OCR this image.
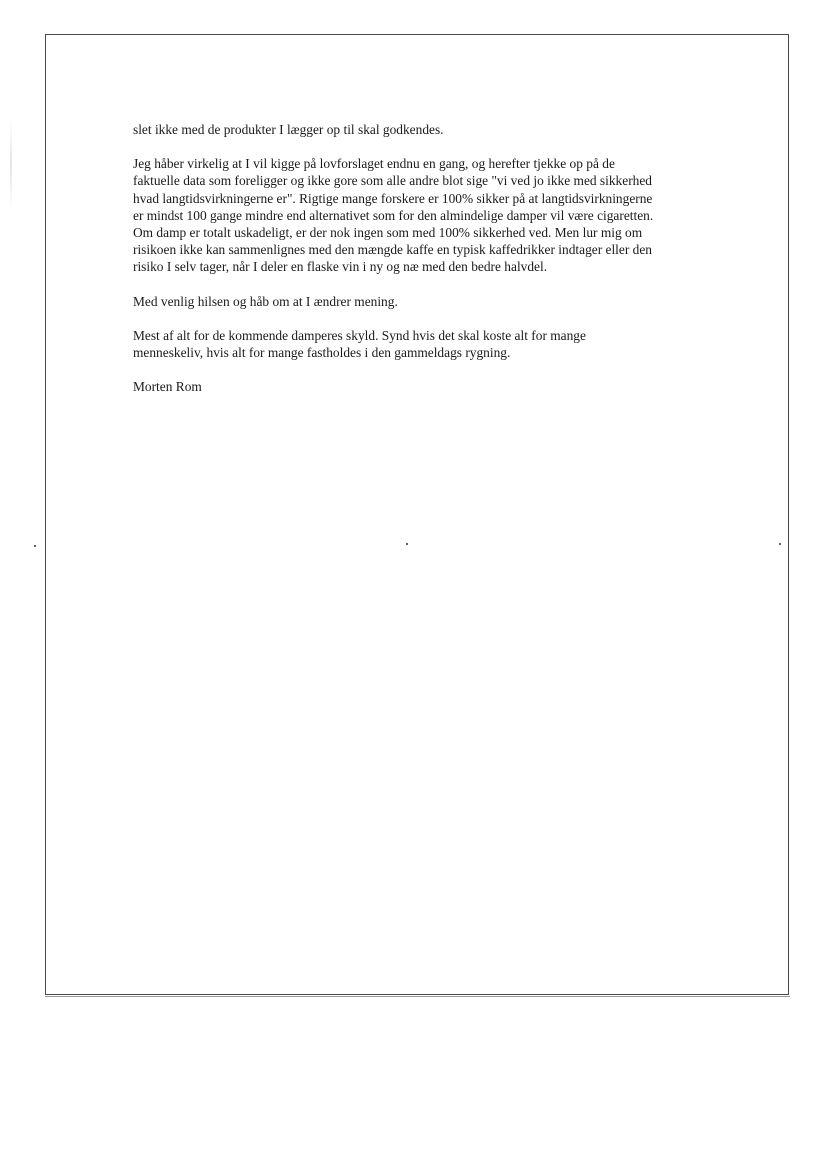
slet ikke med de produkter I lægger op til skal godkendes.

Jeg håber virkelig at I vil kigge på lovforslaget endnu en gang, og herefter tjekke op på de
faktuelle data som foreligger og ikke gore som alle andre blot sige "vi ved jo ikke med sikkerhed
hvad langtidsvirkningerne er". Rigtige mange forskere er 100% sikker på at langtidsvirkningerne
er mindst 100 gange mindre end alternativet som for den almindelige damper vil være cigaretten.
Om damp er totalt uskadeligt, er der nok ingen som med 100% sikkerhed ved. Men lur mig om
risikoen ikke kan sammenlignes med den mængde kaffe en typisk kaffedrikker indtager eller den
risiko I selv tager, når I deler en flaske vin i ny og næ med den bedre halvdel.

Med venlig hilsen og håb om at I ændrer mening.

Mest af alt for de kommende damperes skyld. Synd hvis det skal koste alt for mange
menneskeliv, hvis alt for mange fastholdes i den gammeldags rygning.

Morten Rom
